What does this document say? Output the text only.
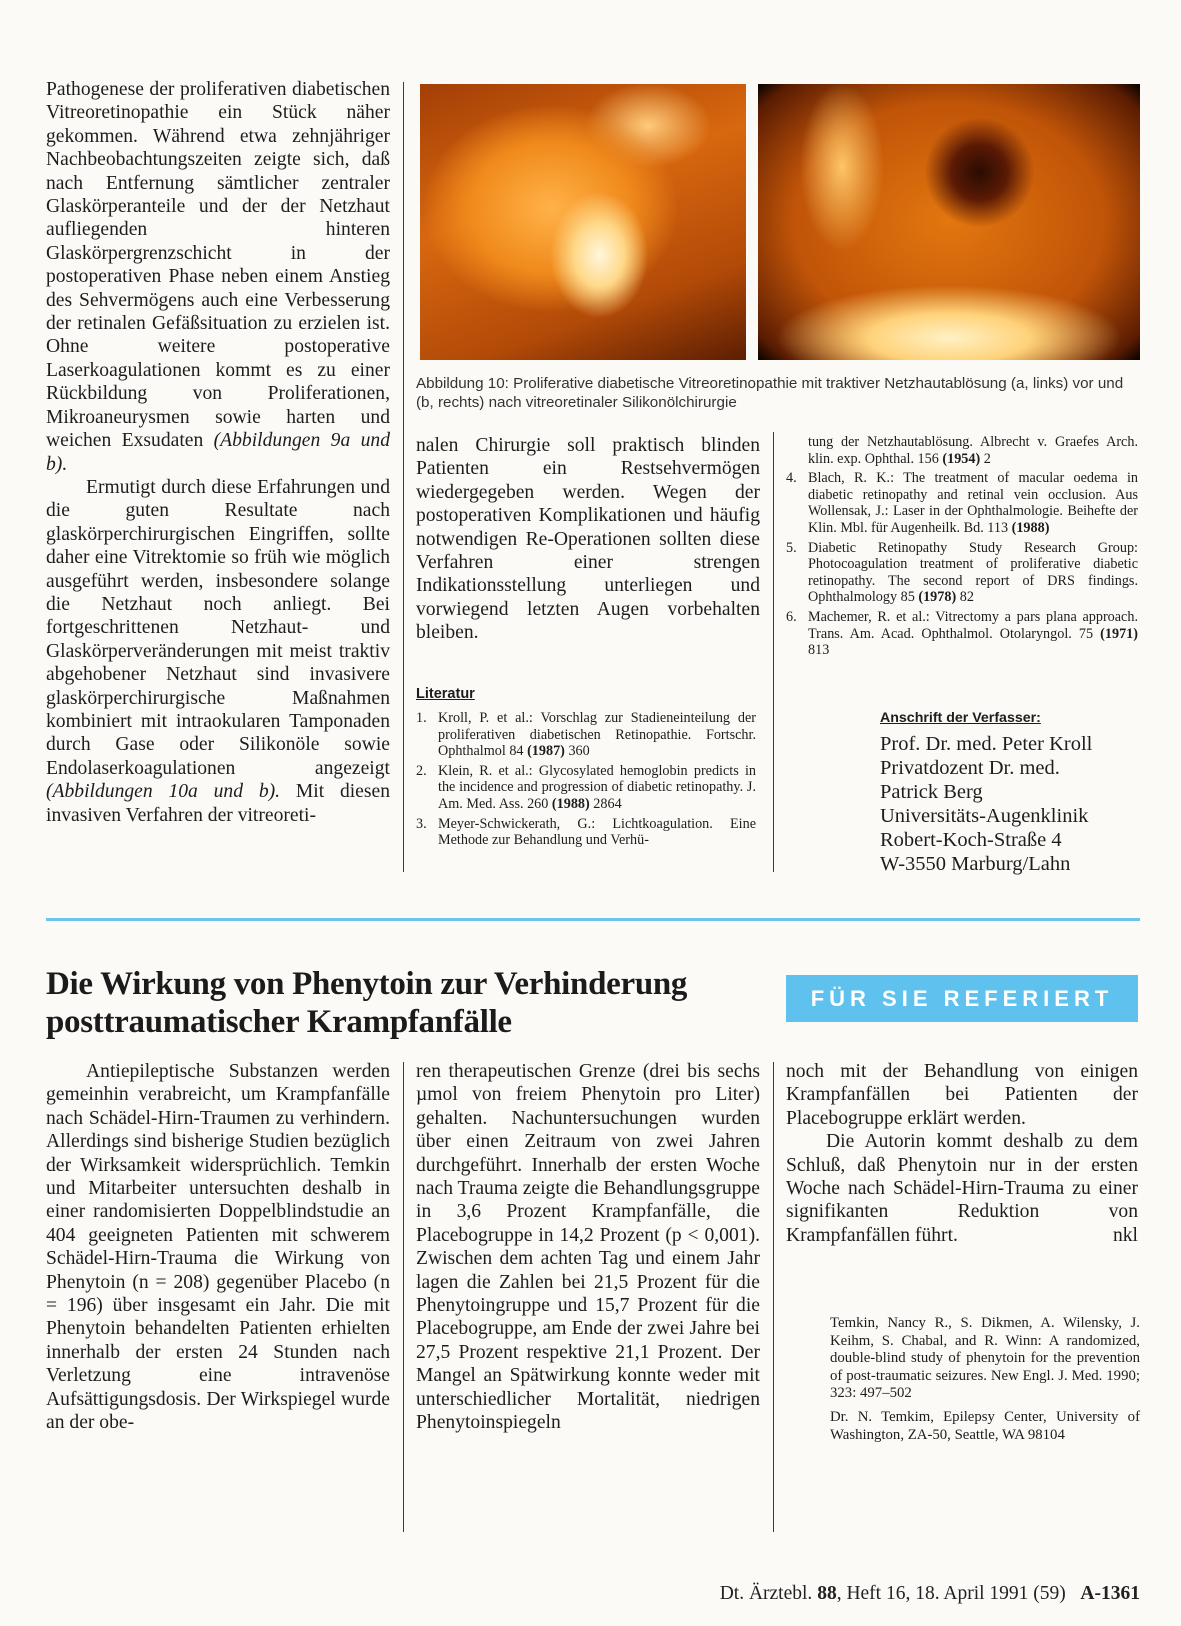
Pathogenese der proliferativen diabetischen Vitreoretinopathie ein Stück näher gekommen. Während etwa zehnjähriger Nachbeobachtungszeiten zeigte sich, daß nach Entfernung sämtlicher zentraler Glaskörperanteile und der der Netzhaut aufliegenden hinteren Glaskörpergrenzschicht in der postoperativen Phase neben einem Anstieg des Sehvermögens auch eine Verbesserung der retinalen Gefäßsituation zu erzielen ist. Ohne weitere postoperative Laserkoagulationen kommt es zu einer Rückbildung von Proliferationen, Mikroaneurysmen sowie harten und weichen Exsudaten (Abbildungen 9a und b).

Ermutigt durch diese Erfahrungen und die guten Resultate nach glaskörperchirurgischen Eingriffen, sollte daher eine Vitrektomie so früh wie möglich ausgeführt werden, insbesondere solange die Netzhaut noch anliegt. Bei fortgeschrittenen Netzhaut- und Glaskörperveränderungen mit meist traktiv abgehobener Netzhaut sind invasivere glaskörperchirurgische Maßnahmen kombiniert mit intraokularen Tamponaden durch Gase oder Silikonöle sowie Endolaserkoagulationen angezeigt (Abbildungen 10a und b). Mit diesen invasiven Verfahren der vitreoreti-

Abbildung 10: Proliferative diabetische Vitreoretinopathie mit traktiver Netzhautablösung (a, links) vor und (b, rechts) nach vitreoretinaler Silikonölchirurgie

nalen Chirurgie soll praktisch blinden Patienten ein Restsehvermögen wiedergegeben werden. Wegen der postoperativen Komplikationen und häufig notwendigen Re-Operationen sollten diese Verfahren einer strengen Indikationsstellung unterliegen und vorwiegend letzten Augen vorbehalten bleiben.

Literatur
1. Kroll, P. et al.: Vorschlag zur Stadieneinteilung der proliferativen diabetischen Retinopathie. Fortschr. Ophthalmol 84 (1987) 360
2. Klein, R. et al.: Glycosylated hemoglobin predicts in the incidence and progression of diabetic retinopathy. J. Am. Med. Ass. 260 (1988) 2864
3. Meyer-Schwickerath, G.: Lichtkoagulation. Eine Methode zur Behandlung und Verhü-
tung der Netzhautablösung. Albrecht v. Graefes Arch. klin. exp. Ophthal. 156 (1954) 2
4. Blach, R. K.: The treatment of macular oedema in diabetic retinopathy and retinal vein occlusion. Aus Wollensak, J.: Laser in der Ophthalmologie. Beihefte der Klin. Mbl. für Augenheilk. Bd. 113 (1988)
5. Diabetic Retinopathy Study Research Group: Photocoagulation treatment of proliferative diabetic retinopathy. The second report of DRS findings. Ophthalmology 85 (1978) 82
6. Machemer, R. et al.: Vitrectomy a pars plana approach. Trans. Am. Acad. Ophthalmol. Otolaryngol. 75 (1971) 813
Anschrift der Verfasser:
Prof. Dr. med. Peter Kroll
Privatdozent Dr. med.
Patrick Berg
Universitäts-Augenklinik
Robert-Koch-Straße 4
W-3550 Marburg/Lahn
Die Wirkung von Phenytoin zur Verhinderung
posttraumatischer Krampfanfälle
FÜR SIE REFERIERT

Antiepileptische Substanzen werden gemeinhin verabreicht, um Krampfanfälle nach Schädel-Hirn-Traumen zu verhindern. Allerdings sind bisherige Studien bezüglich der Wirksamkeit widersprüchlich. Temkin und Mitarbeiter untersuchten deshalb in einer randomisierten Doppelblindstudie an 404 geeigneten Patienten mit schwerem Schädel-Hirn-Trauma die Wirkung von Phenytoin (n = 208) gegenüber Placebo (n = 196) über insgesamt ein Jahr. Die mit Phenytoin behandelten Patienten erhielten innerhalb der ersten 24 Stunden nach Verletzung eine intravenöse Aufsättigungsdosis. Der Wirkspiegel wurde an der obe-

ren therapeutischen Grenze (drei bis sechs µmol von freiem Phenytoin pro Liter) gehalten. Nachuntersuchungen wurden über einen Zeitraum von zwei Jahren durchgeführt. Innerhalb der ersten Woche nach Trauma zeigte die Behandlungsgruppe in 3,6 Prozent Krampfanfälle, die Placebogruppe in 14,2 Prozent (p < 0,001). Zwischen dem achten Tag und einem Jahr lagen die Zahlen bei 21,5 Prozent für die Phenytoingruppe und 15,7 Prozent für die Placebogruppe, am Ende der zwei Jahre bei 27,5 Prozent respektive 21,1 Prozent. Der Mangel an Spätwirkung konnte weder mit unterschiedlicher Mortalität, niedrigen Phenytoinspiegeln

noch mit der Behandlung von einigen Krampfanfällen bei Patienten der Placebogruppe erklärt werden.

Die Autorin kommt deshalb zu dem Schluß, daß Phenytoin nur in der ersten Woche nach Schädel-Hirn-Trauma zu einer signifikanten Reduktion von Krampfanfällen führt.	nkl

Temkin, Nancy R., S. Dikmen, A. Wilensky, J. Keihm, S. Chabal, and R. Winn: A randomized, double-blind study of phenytoin for the prevention of post-traumatic seizures. New Engl. J. Med. 1990; 323: 497–502

Dr. N. Temkim, Epilepsy Center, University of Washington, ZA-50, Seattle, WA 98104

Dt. Ärztebl. 88, Heft 16, 18. April 1991 (59) A-1361
